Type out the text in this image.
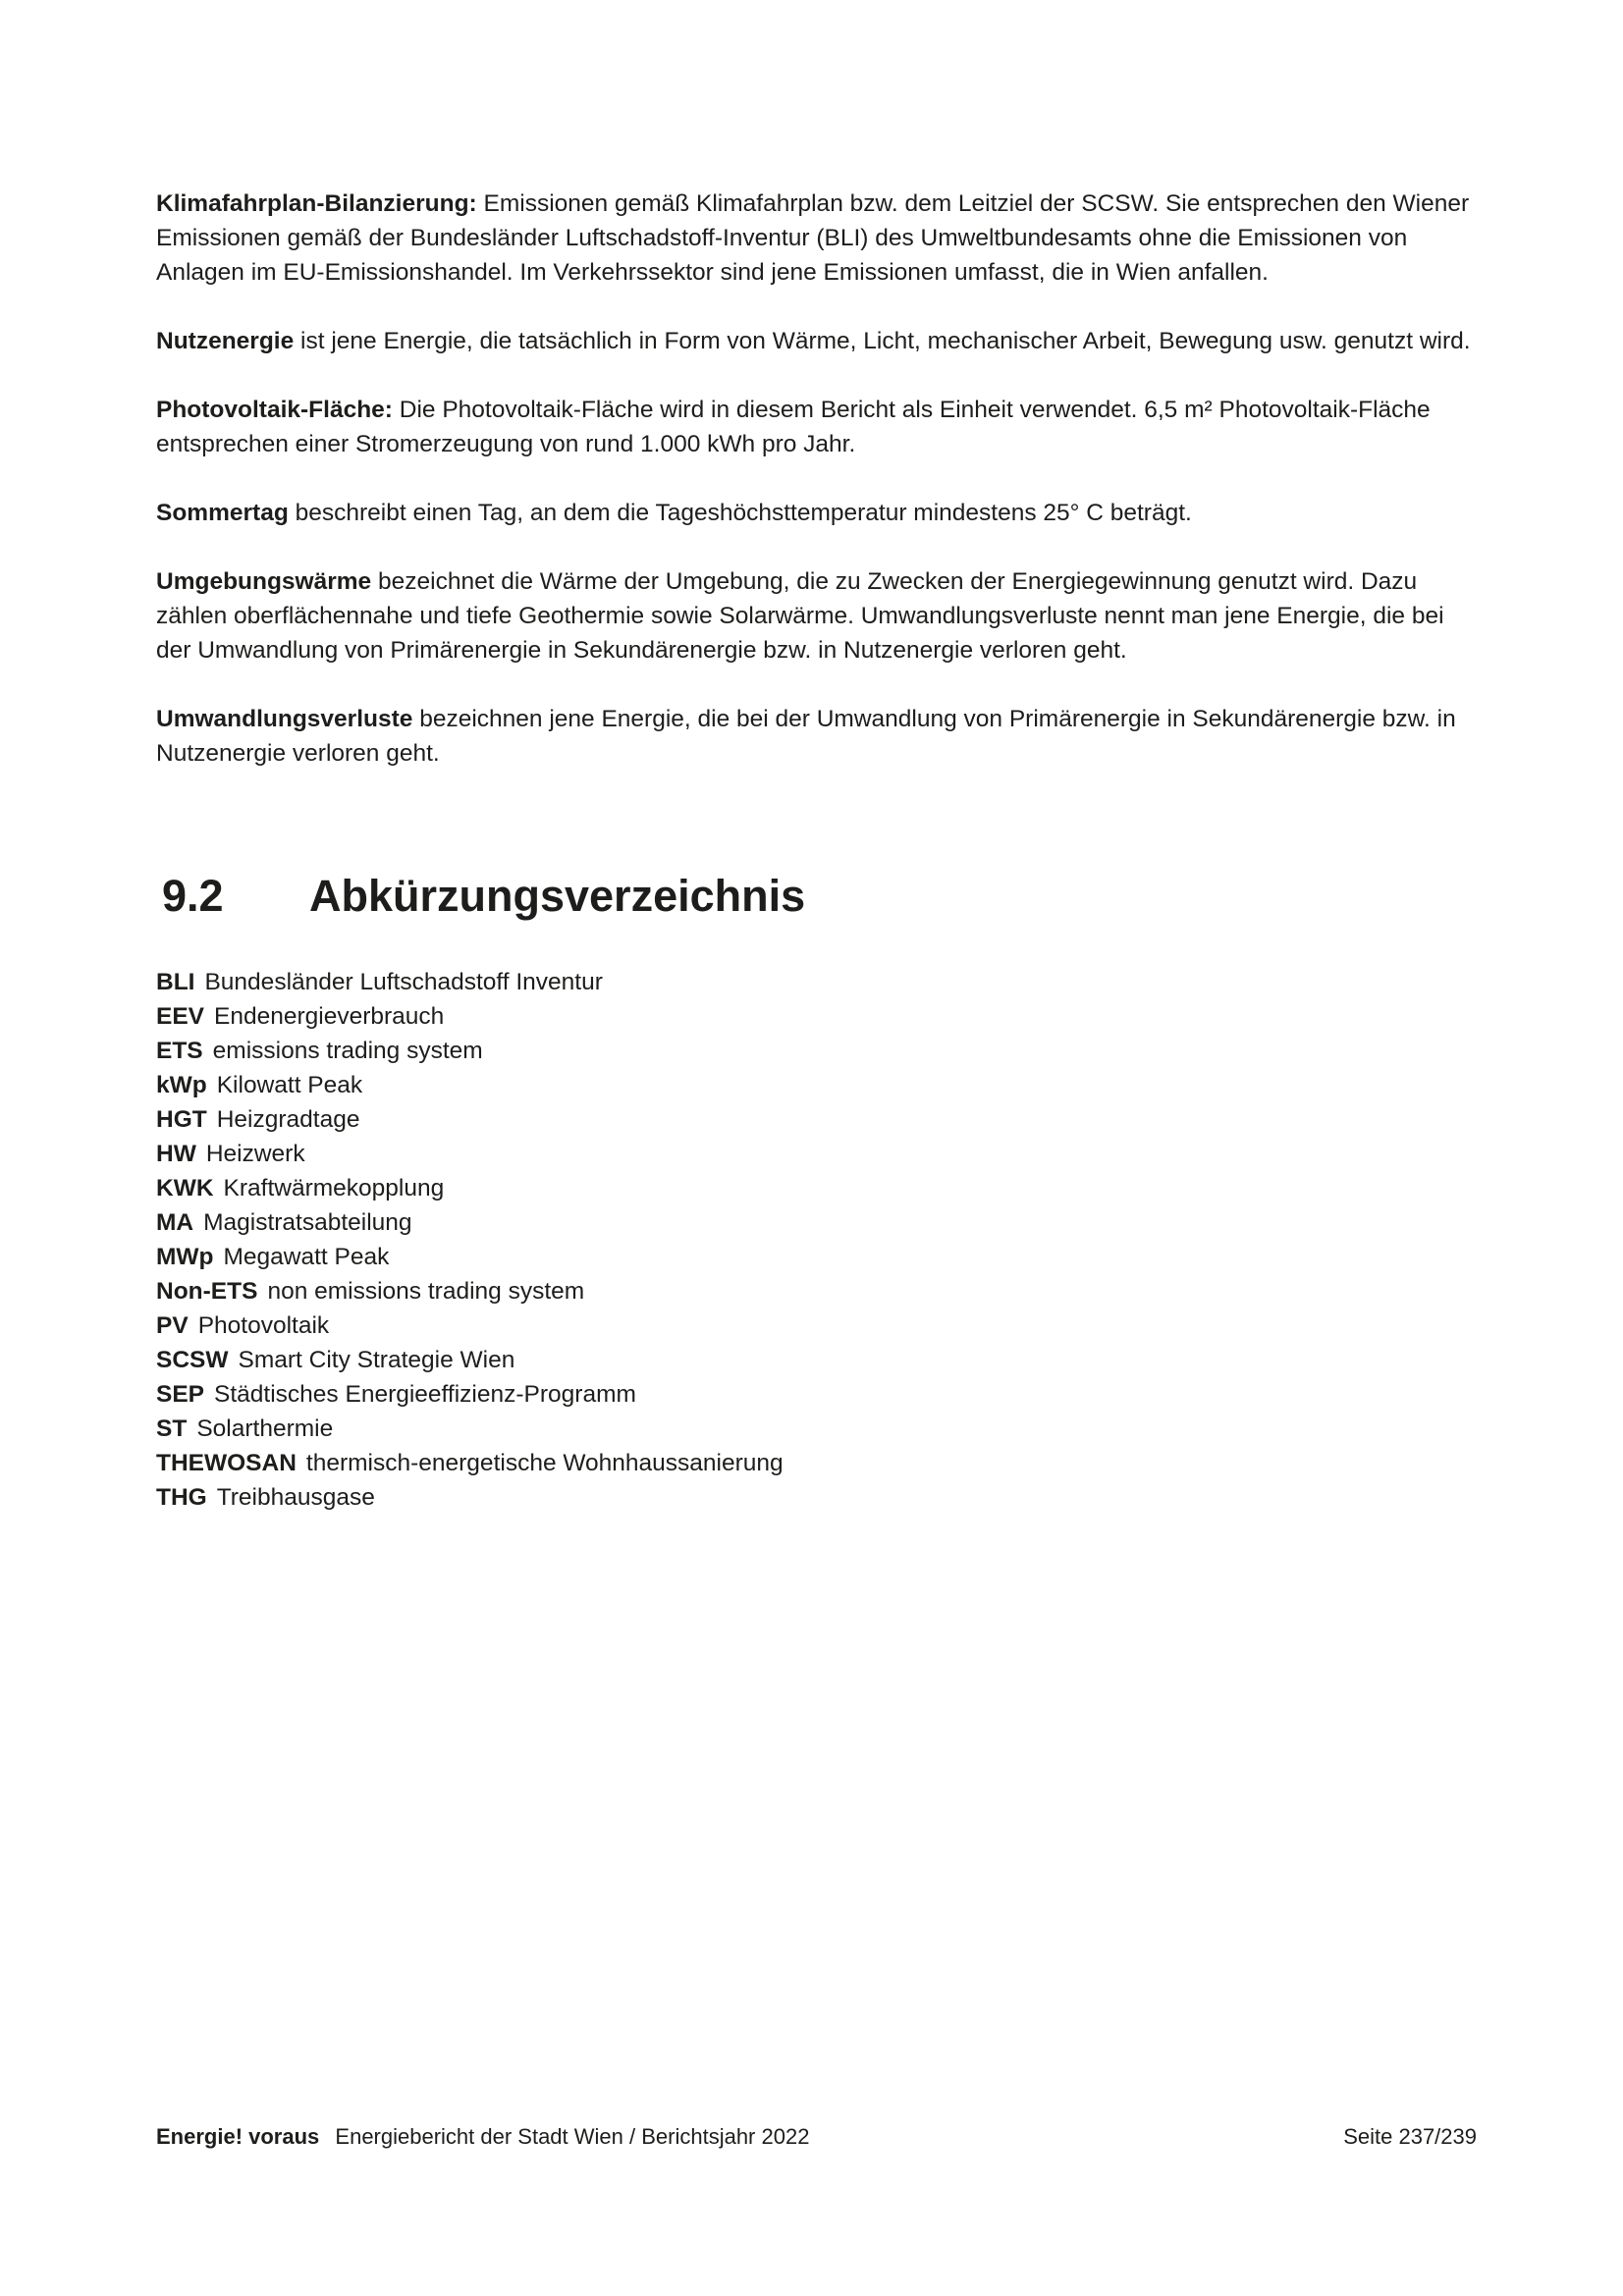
Klimafahrplan-Bilanzierung: Emissionen gemäß Klimafahrplan bzw. dem Leitziel der SCSW. Sie entsprechen den Wiener Emissionen gemäß der Bundesländer Luftschadstoff-Inventur (BLI) des Umweltbundesamts ohne die Emissionen von Anlagen im EU-Emissionshandel. Im Verkehrssektor sind jene Emissionen umfasst, die in Wien anfallen.

Nutzenergie ist jene Energie, die tatsächlich in Form von Wärme, Licht, mechanischer Arbeit, Bewegung usw. genutzt wird.

Photovoltaik-Fläche: Die Photovoltaik-Fläche wird in diesem Bericht als Einheit verwendet. 6,5 m² Photovoltaik-Fläche entsprechen einer Stromerzeugung von rund 1.000 kWh pro Jahr.

Sommertag beschreibt einen Tag, an dem die Tageshöchsttemperatur mindestens 25° C beträgt.

Umgebungswärme bezeichnet die Wärme der Umgebung, die zu Zwecken der Energiegewinnung genutzt wird. Dazu zählen oberflächennahe und tiefe Geothermie sowie Solarwärme. Umwandlungsverluste nennt man jene Energie, die bei der Umwandlung von Primärenergie in Sekundärenergie bzw. in Nutzenergie verloren geht.

Umwandlungsverluste bezeichnen jene Energie, die bei der Umwandlung von Primärenergie in Sekundärenergie bzw. in Nutzenergie verloren geht.

9.2	Abkürzungsverzeichnis
BLI Bundesländer Luftschadstoff Inventur
EEV Endenergieverbrauch
ETS emissions trading system
kWp Kilowatt Peak
HGT Heizgradtage
HW Heizwerk
KWK Kraftwärmekopplung
MA Magistratsabteilung
MWp Megawatt Peak
Non-ETS non emissions trading system
PV Photovoltaik
SCSW Smart City Strategie Wien
SEP Städtisches Energieeffizienz-Programm
ST Solarthermie
THEWOSAN thermisch-energetische Wohnhaussanierung
THG Treibhausgase
Energie! voraus Energiebericht der Stadt Wien / Berichtsjahr 2022	Seite 237/239
